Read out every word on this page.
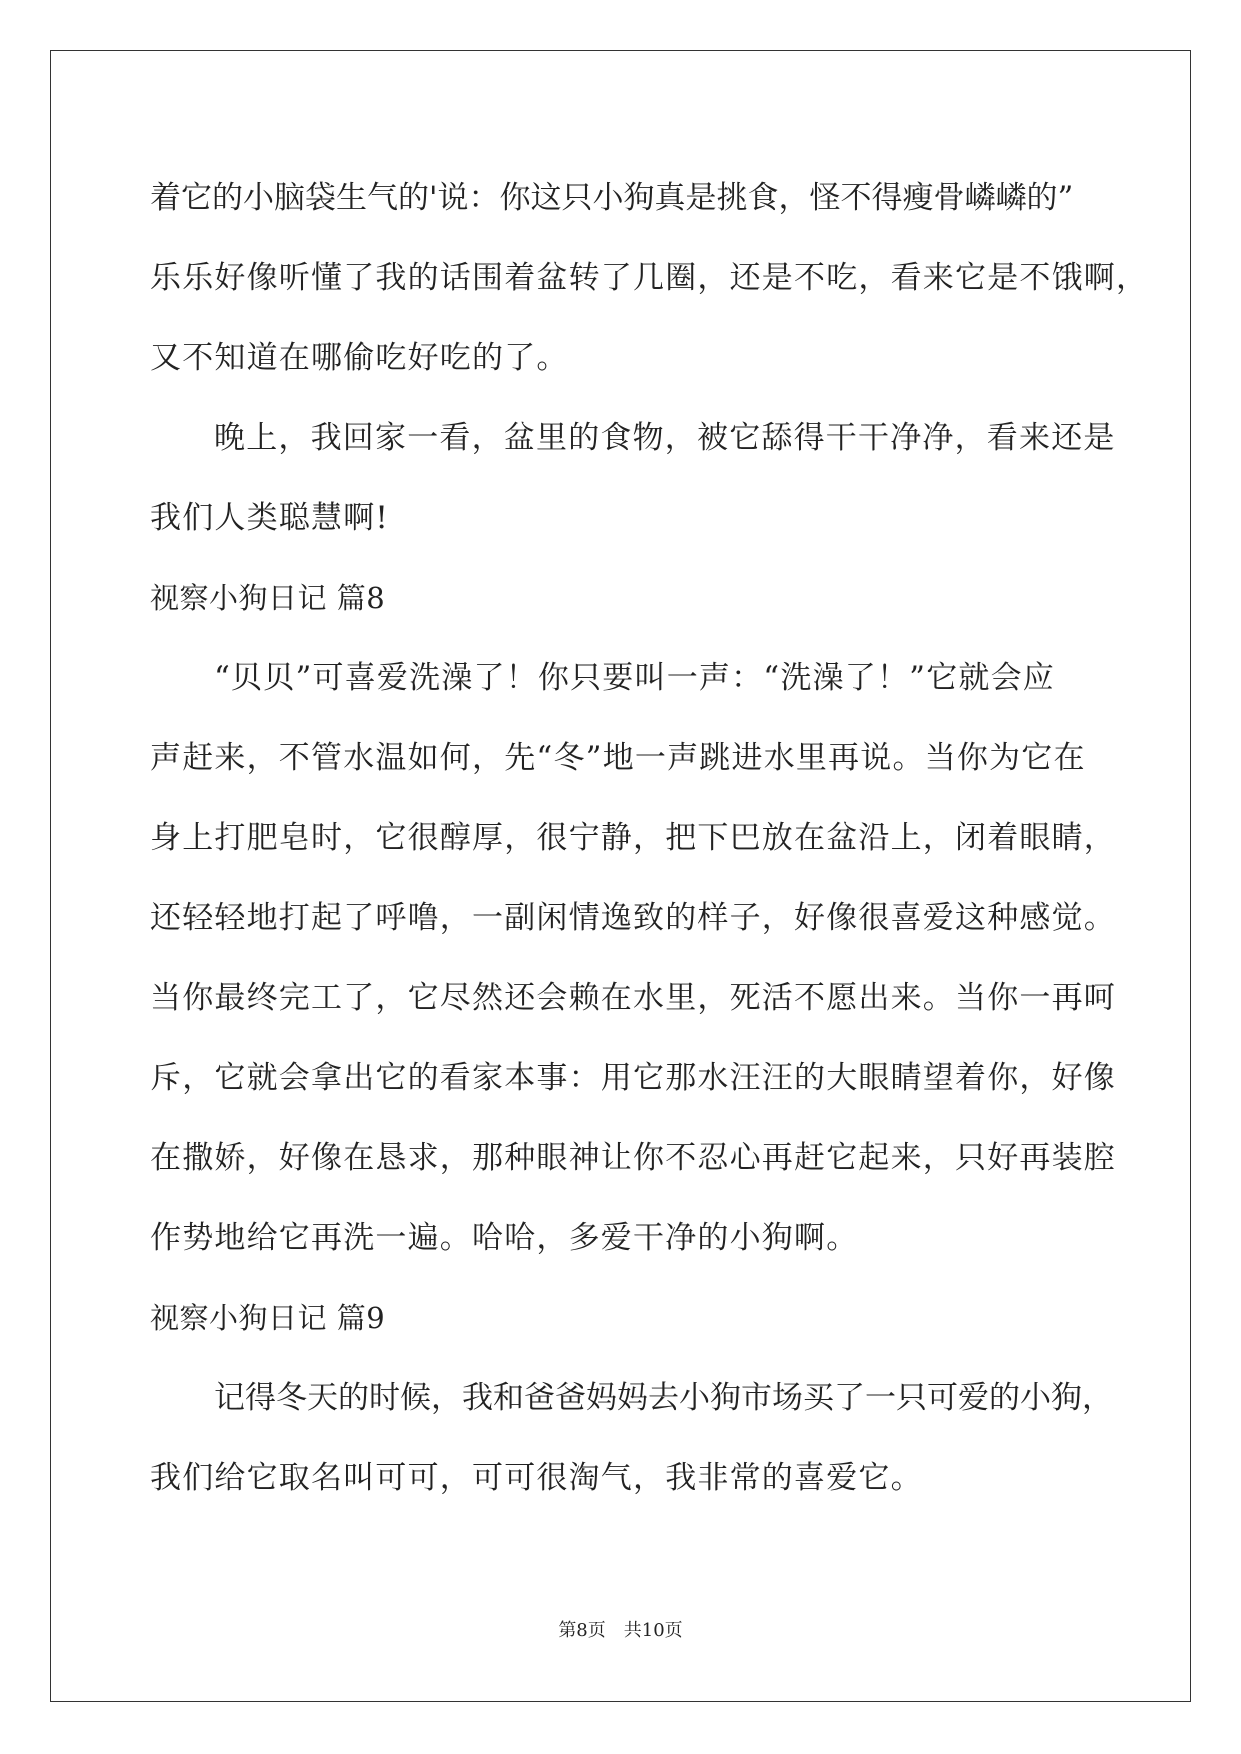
着它的小脑袋生气的'说：你这只小狗真是挑食，怪不得瘦骨嶙嶙的”
乐乐好像听懂了我的话围着盆转了几圈，还是不吃，看来它是不饿啊，
又不知道在哪偷吃好吃的了。
晚上，我回家一看，盆里的食物，被它舔得干干净净，看来还是
我们人类聪慧啊!
视察小狗日记 篇8
“贝贝”可喜爱洗澡了！你只要叫一声：“洗澡了！”它就会应
声赶来，不管水温如何，先“冬”地一声跳进水里再说。当你为它在
身上打肥皂时，它很醇厚，很宁静，把下巴放在盆沿上，闭着眼睛，
还轻轻地打起了呼噜，一副闲情逸致的样子，好像很喜爱这种感觉。
当你最终完工了，它尽然还会赖在水里，死活不愿出来。当你一再呵
斥，它就会拿出它的看家本事：用它那水汪汪的大眼睛望着你，好像
在撒娇，好像在恳求，那种眼神让你不忍心再赶它起来，只好再装腔
作势地给它再洗一遍。哈哈，多爱干净的小狗啊。
视察小狗日记 篇9
记得冬天的时候，我和爸爸妈妈去小狗市场买了一只可爱的小狗，
我们给它取名叫可可，可可很淘气，我非常的喜爱它。
第8页 共10页
